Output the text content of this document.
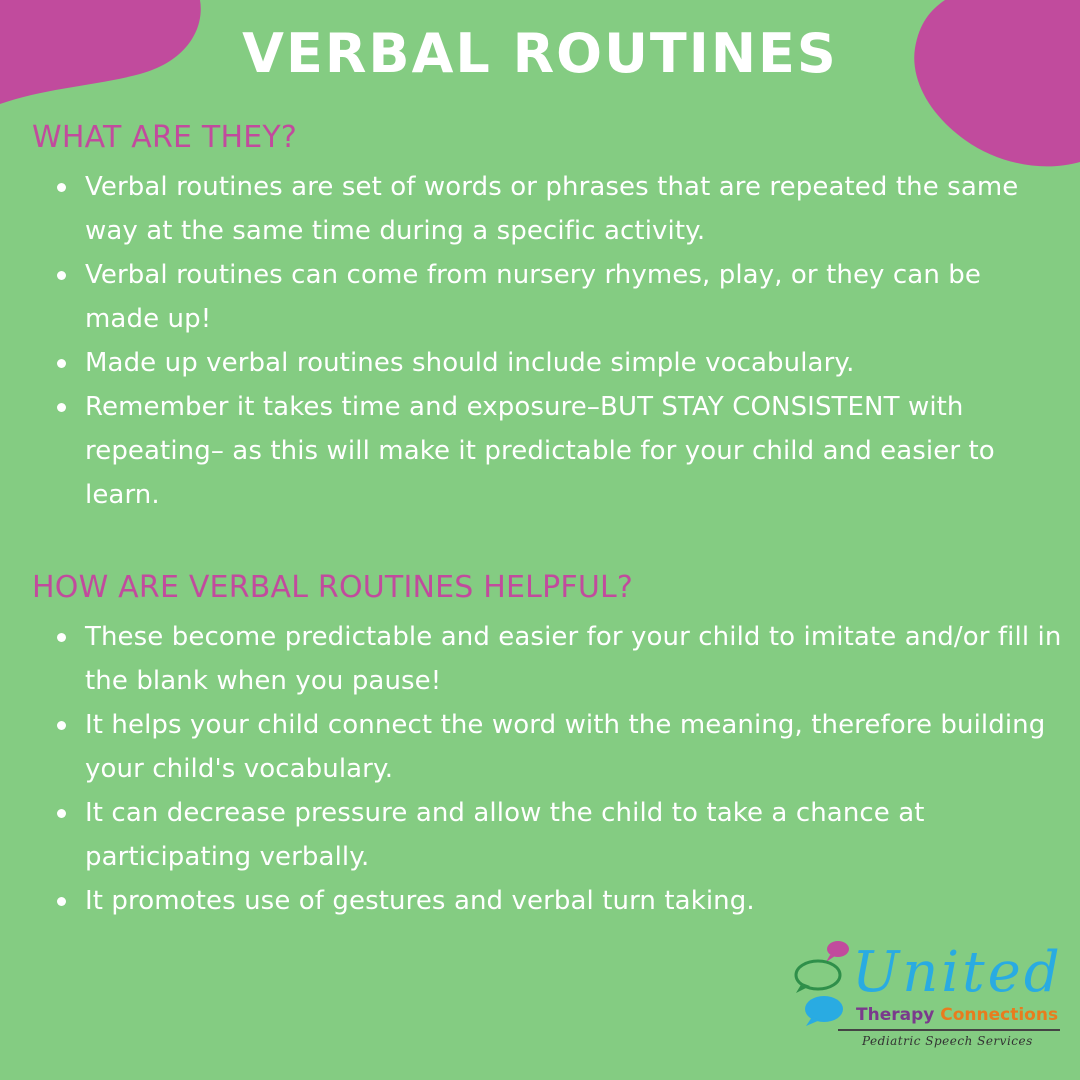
VERBAL ROUTINES
WHAT ARE THEY?
Verbal routines are set of words or phrases that are repeated the same way at the same time during a specific activity.
Verbal routines can come from nursery rhymes, play, or they can be made up!
Made up verbal routines should include simple vocabulary.
Remember it takes time and exposure–BUT STAY CONSISTENT with repeating– as this will make it predictable for your child and easier to learn.
HOW ARE VERBAL ROUTINES HELPFUL?
These become predictable and easier for your child to imitate and/or fill in the blank when you pause!
It helps your child connect the word with the meaning, therefore building your child's vocabulary.
It can decrease pressure and allow the child to take a chance at participating verbally.
It promotes use of gestures and verbal turn taking.
United
Therapy Connections
Pediatric Speech Services
